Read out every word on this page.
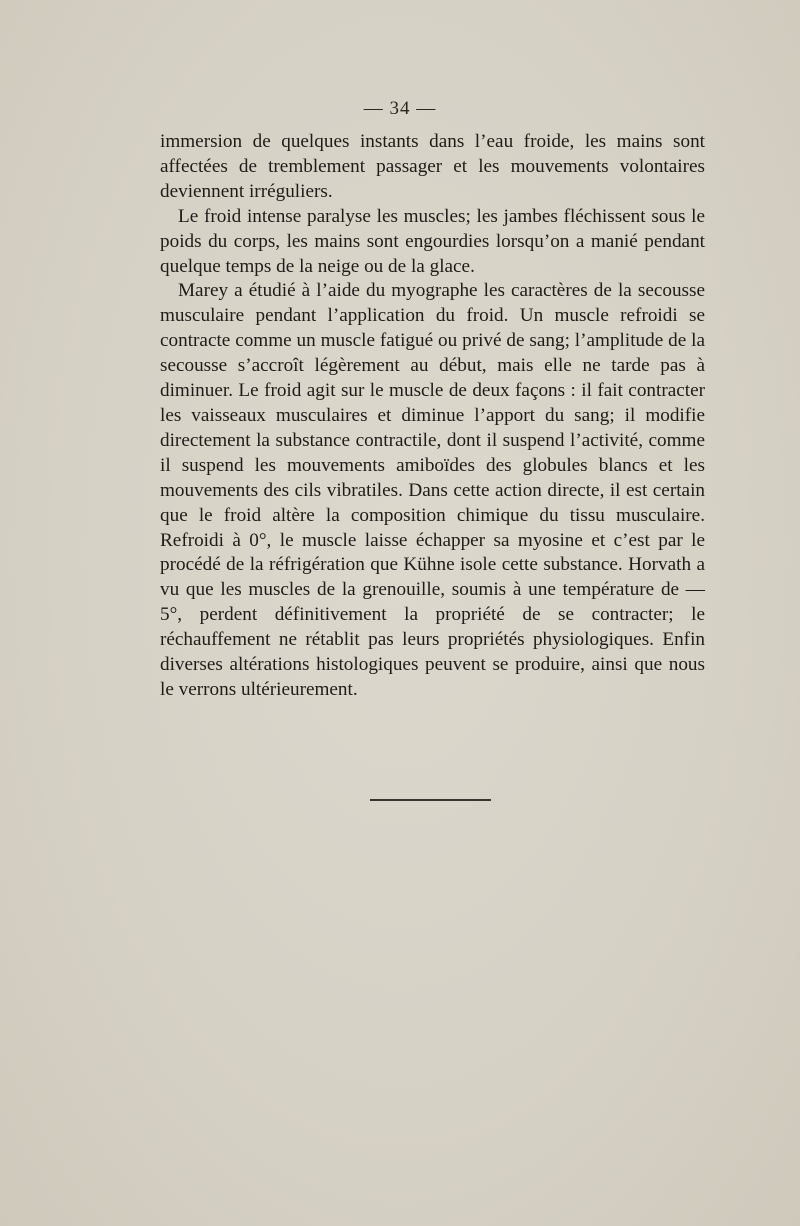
— 34 —

immersion de quelques instants dans l’eau froide, les mains sont affectées de tremblement passager et les mouvements volontaires deviennent irréguliers.

Le froid intense paralyse les muscles; les jambes fléchissent sous le poids du corps, les mains sont engourdies lorsqu’on a manié pendant quelque temps de la neige ou de la glace.

Marey a étudié à l’aide du myographe les caractères de la secousse musculaire pendant l’application du froid. Un muscle refroidi se contracte comme un muscle fatigué ou privé de sang; l’amplitude de la secousse s’accroît légèrement au début, mais elle ne tarde pas à diminuer. Le froid agit sur le muscle de deux façons : il fait contracter les vaisseaux musculaires et diminue l’apport du sang; il modifie directement la substance contractile, dont il suspend l’activité, comme il suspend les mouvements amiboïdes des globules blancs et les mouvements des cils vibratiles. Dans cette action directe, il est certain que le froid altère la composition chimique du tissu musculaire. Refroidi à 0°, le muscle laisse échapper sa myosine et c’est par le procédé de la réfrigération que Kühne isole cette substance. Horvath a vu que les muscles de la grenouille, soumis à une température de — 5°, perdent définitivement la propriété de se contracter; le réchauffement ne rétablit pas leurs propriétés physiologiques. Enfin diverses altérations histologiques peuvent se produire, ainsi que nous le verrons ultérieurement.
